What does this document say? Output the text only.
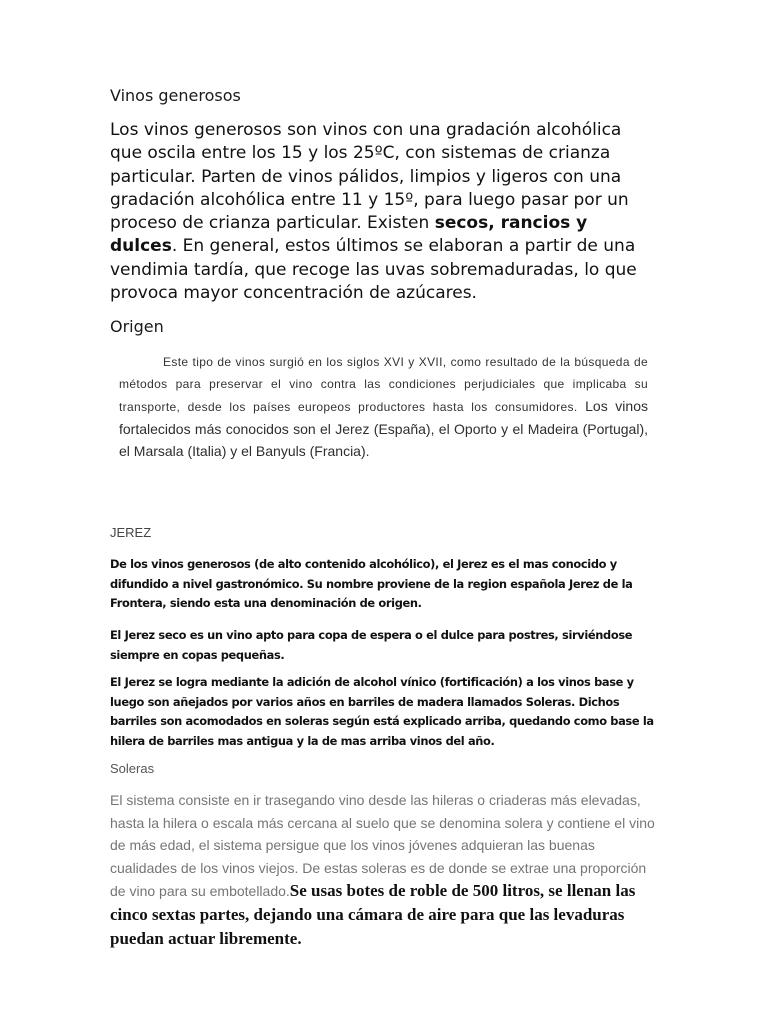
Vinos generosos

Los vinos generosos son vinos con una gradación alcohólica que oscila entre los 15 y los 25ºC, con sistemas de crianza particular. Parten de vinos pálidos, limpios y ligeros con una gradación alcohólica entre 11 y 15º, para luego pasar por un proceso de crianza particular. Existen secos, rancios y dulces. En general, estos últimos se elaboran a partir de una vendimia tardía, que recoge las uvas sobremaduradas, lo que provoca mayor concentración de azúcares.

Origen

Este tipo de vinos surgió en los siglos XVI y XVII, como resultado de la búsqueda de métodos para preservar el vino contra las condiciones perjudiciales que implicaba su transporte, desde los países europeos productores hasta los consumidores. Los vinos fortalecidos más conocidos son el Jerez (España), el Oporto y el Madeira (Portugal), el Marsala (Italia) y el Banyuls (Francia).

JEREZ

De los vinos generosos (de alto contenido alcohólico), el Jerez es el mas conocido y difundido a nivel gastronómico. Su nombre proviene de la region española Jerez de la Frontera, siendo esta una denominación de origen.

El Jerez seco es un vino apto para copa de espera o el dulce para postres, sirviéndose siempre en copas pequeñas.

El Jerez se logra mediante la adición de alcohol vínico (fortificación) a los vinos base y luego son añejados por varios años en barriles de madera llamados Soleras. Dichos barriles son acomodados en soleras según está explicado arriba, quedando como base la hilera de barriles mas antigua y la de mas arriba vinos del año.

Soleras

El sistema consiste en ir trasegando vino desde las hileras o criaderas más elevadas, hasta la hilera o escala más cercana al suelo que se denomina solera y contiene el vino de más edad, el sistema persigue que los vinos jóvenes adquieran las buenas cualidades de los vinos viejos. De estas soleras es de donde se extrae una proporción de vino para su embotellado.Se usas botes de roble de 500 litros, se llenan las cinco sextas partes, dejando una cámara de aire para que las levaduras puedan actuar libremente.
